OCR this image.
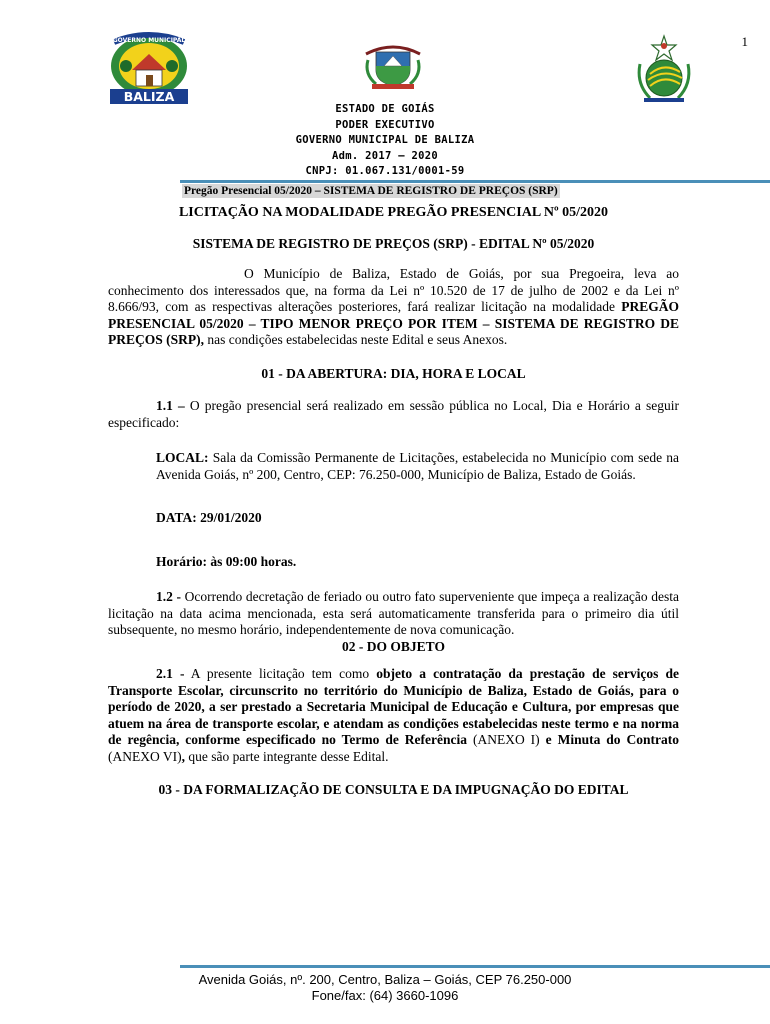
1
GOVERNO MUNICIPAL
BALIZA
ESTADO DE GOIÁS
PODER EXECUTIVO
GOVERNO MUNICIPAL DE BALIZA
Adm. 2017 – 2020
CNPJ: 01.067.131/0001-59
Pregão Presencial 05/2020 – SISTEMA DE REGISTRO DE PREÇOS (SRP)
LICITAÇÃO NA MODALIDADE PREGÃO PRESENCIAL Nº 05/2020
SISTEMA DE REGISTRO DE PREÇOS (SRP) - EDITAL Nº 05/2020

O Município de Baliza, Estado de Goiás, por sua Pregoeira, leva ao conhecimento dos interessados que, na forma da Lei nº 10.520 de 17 de julho de 2002 e da Lei nº 8.666/93, com as respectivas alterações posteriores, fará realizar licitação na modalidade PREGÃO PRESENCIAL 05/2020 – TIPO MENOR PREÇO POR ITEM – SISTEMA DE REGISTRO DE PREÇOS (SRP), nas condições estabelecidas neste Edital e seus Anexos.

01 - DA ABERTURA: DIA, HORA E LOCAL

1.1 – O pregão presencial será realizado em sessão pública no Local, Dia e Horário a seguir especificado:

LOCAL: Sala da Comissão Permanente de Licitações, estabelecida no Município com sede na Avenida Goiás, nº 200, Centro, CEP: 76.250-000, Município de Baliza, Estado de Goiás.

DATA: 29/01/2020
Horário: às 09:00 horas.

1.2 - Ocorrendo decretação de feriado ou outro fato superveniente que impeça a realização desta licitação na data acima mencionada, esta será automaticamente transferida para o primeiro dia útil subsequente, no mesmo horário, independentemente de nova comunicação.

02 - DO OBJETO

2.1 - A presente licitação tem como objeto a contratação da prestação de serviços de Transporte Escolar, circunscrito no território do Município de Baliza, Estado de Goiás, para o período de 2020, a ser prestado a Secretaria Municipal de Educação e Cultura, por empresas que atuem na área de transporte escolar, e atendam as condições estabelecidas neste termo e na norma de regência, conforme especificado no Termo de Referência (ANEXO I) e Minuta do Contrato (ANEXO VI), que são parte integrante desse Edital.

03 - DA FORMALIZAÇÃO DE CONSULTA E DA IMPUGNAÇÃO DO EDITAL
Avenida Goiás, nº. 200, Centro, Baliza – Goiás, CEP 76.250-000
Fone/fax: (64) 3660-1096
